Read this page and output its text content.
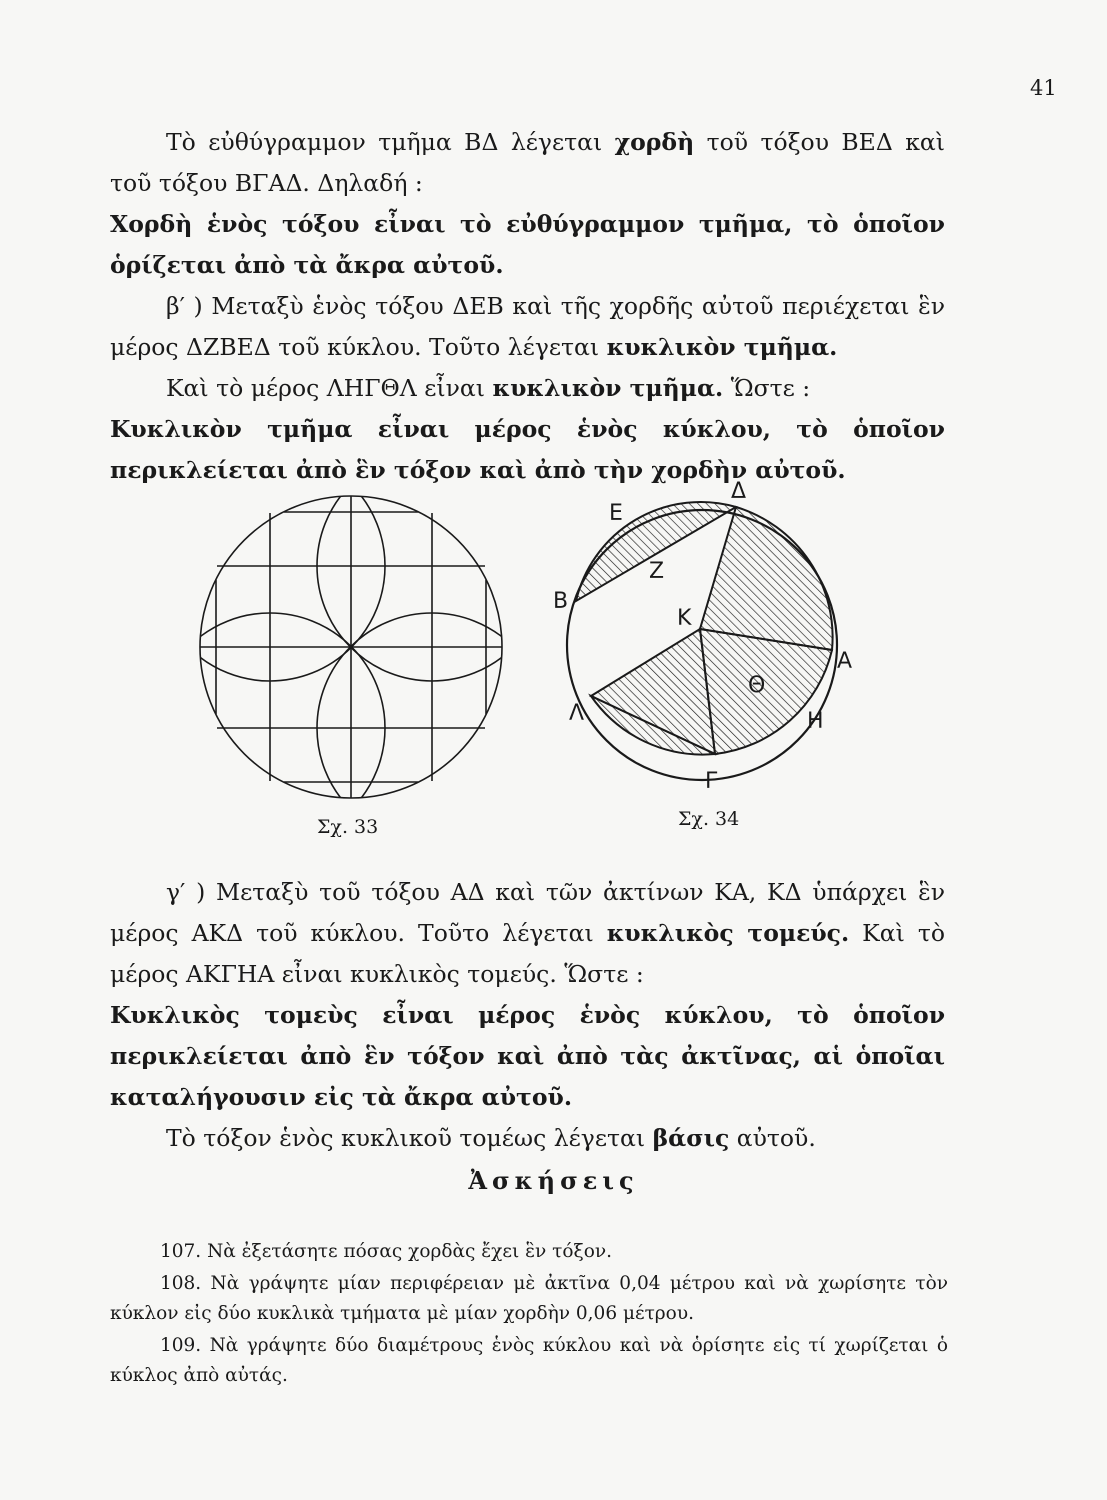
41

Τὸ εὐθύγραμμον τμῆμα ΒΔ λέγεται χορδὴ τοῦ τόξου ΒΕΔ καὶ τοῦ τόξου ΒΓΑΔ. Δηλαδή :

Χορδὴ ἑνὸς τόξου εἶναι τὸ εὐθύγραμμον τμῆμα, τὸ ὁποῖον ὁρίζεται ἀπὸ τὰ ἄκρα αὐτοῦ.

β′ ) Μεταξὺ ἑνὸς τόξου ΔΕΒ καὶ τῆς χορδῆς αὐτοῦ περιέχεται ἓν μέρος ΔΖΒΕΔ τοῦ κύκλου. Τοῦτο λέγεται κυκλικὸν τμῆμα.

Καὶ τὸ μέρος ΛΗΓΘΛ εἶναι κυκλικὸν τμῆμα. Ὥστε :

Κυκλικὸν τμῆμα εἶναι μέρος ἑνὸς κύκλου, τὸ ὁποῖον περικλείεται ἀπὸ ἓν τόξον καὶ ἀπὸ τὴν χορδὴν αὐτοῦ.

Σχ. 33
Ε
Δ
Ζ
Β
Κ
Α
Θ
Λ	Η
Γ
Σχ. 34

γ′ ) Μεταξὺ τοῦ τόξου ΑΔ καὶ τῶν ἀκτίνων ΚΑ, ΚΔ ὑπάρχει ἓν μέρος ΑΚΔ τοῦ κύκλου. Τοῦτο λέγεται κυκλικὸς τομεύς. Καὶ τὸ μέρος ΑΚΓΗΑ εἶναι κυκλικὸς τομεύς. Ὥστε :

Κυκλικὸς τομεὺς εἶναι μέρος ἑνὸς κύκλου, τὸ ὁποῖον περικλείεται ἀπὸ ἓν τόξον καὶ ἀπὸ τὰς ἀκτῖνας, αἱ ὁποῖαι καταλήγουσιν εἰς τὰ ἄκρα αὐτοῦ.

Τὸ τόξον ἑνὸς κυκλικοῦ τομέως λέγεται βάσις αὐτοῦ.

Ἀσκήσεις

107. Νὰ ἐξετάσητε πόσας χορδὰς ἔχει ἓν τόξον.

108. Νὰ γράψητε μίαν περιφέρειαν μὲ ἀκτῖνα 0,04 μέτρου καὶ νὰ χωρίσητε τὸν κύκλον εἰς δύο κυκλικὰ τμήματα μὲ μίαν χορδὴν 0,06 μέτρου.

109. Νὰ γράψητε δύο διαμέτρους ἑνὸς κύκλου καὶ νὰ ὁρίσητε εἰς τί χωρίζεται ὁ κύκλος ἀπὸ αὐτάς.
